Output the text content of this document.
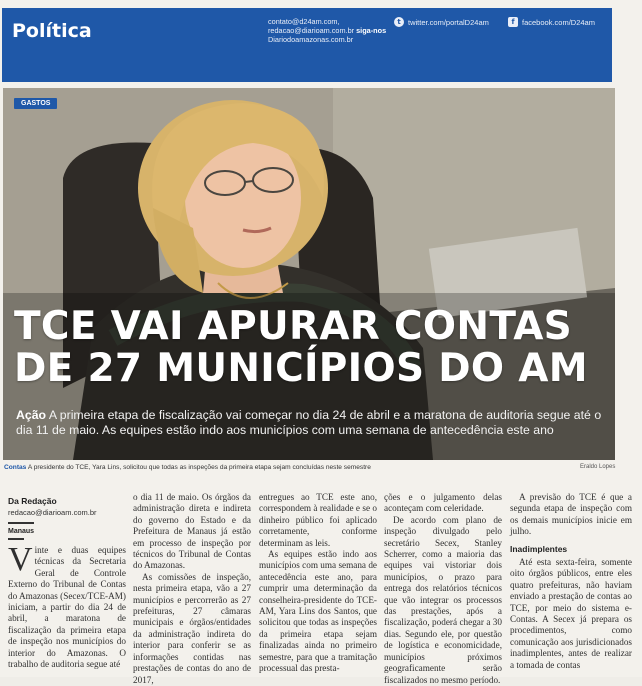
Política	contato@d24am.com,
redacao@diarioam.com.br siga-nos
Diariodoamazonas.com.br
t twitter.com/portalD24am	f facebook.com/D24am
GASTOS
TCE VAI APURAR CONTAS
DE 27 MUNICÍPIOS DO AM
Ação A primeira etapa de fiscalização vai começar no dia 24 de abril e a maratona de auditoria segue até o dia 11 de maio. As equipes estão indo aos municípios com uma semana de antecedência este ano
Contas A presidente do TCE, Yara Lins, solicitou que todas as inspeções da primeira etapa sejam concluídas neste semestre	Eraldo Lopes
Da Redação
redacao@diarioam.com.br
Manaus

Vinte e duas equipes técnicas da Secretaria Geral de Controle Externo do Tribunal de Contas do Amazonas (Secex/TCE-AM) iniciam, a partir do dia 24 de abril, a maratona de fiscalização da primeira etapa de inspeção nos municípios do interior do Amazonas. O trabalho de auditoria segue até

o dia 11 de maio. Os órgãos da administração direta e indireta do governo do Estado e da Prefeitura de Manaus já estão em processo de inspeção por técnicos do Tribunal de Contas do Amazonas.

As comissões de inspeção, nesta primeira etapa, vão a 27 municípios e percorrerão as 27 prefeituras, 27 câmaras municipais e órgãos/entidades da administração indireta do interior para conferir se as informações contidas nas prestações de contas do ano de 2017,

entregues ao TCE este ano, correspondem à realidade e se o dinheiro público foi aplicado corretamente, conforme determinam as leis.

As equipes estão indo aos municípios com uma semana de antecedência este ano, para cumprir uma determinação da conselheira-presidente do TCE-AM, Yara Lins dos Santos, que solicitou que todas as inspeções da primeira etapa sejam finalizadas ainda no primeiro semestre, para que a tramitação processual das presta-

ções e o julgamento delas aconteçam com celeridade.

De acordo com plano de inspeção divulgado pelo secretário Secex, Stanley Scherrer, como a maioria das equipes vai vistoriar dois municípios, o prazo para entrega dos relatórios técnicos que vão integrar os processos das prestações, após a fiscalização, poderá chegar a 30 dias. Segundo ele, por questão de logística e economicidade, municípios próximos geograficamente serão fiscalizados no mesmo período.

A previsão do TCE é que a segunda etapa de inspeção com os demais municípios inicie em julho.

Inadimplentes

Até esta sexta-feira, somente oito órgãos públicos, entre eles quatro prefeituras, não haviam enviado a prestação de contas ao TCE, por meio do sistema e-Contas. A Secex já prepara os procedimentos, como comunicação aos jurisdicionados inadimplentes, antes de realizar a tomada de contas
